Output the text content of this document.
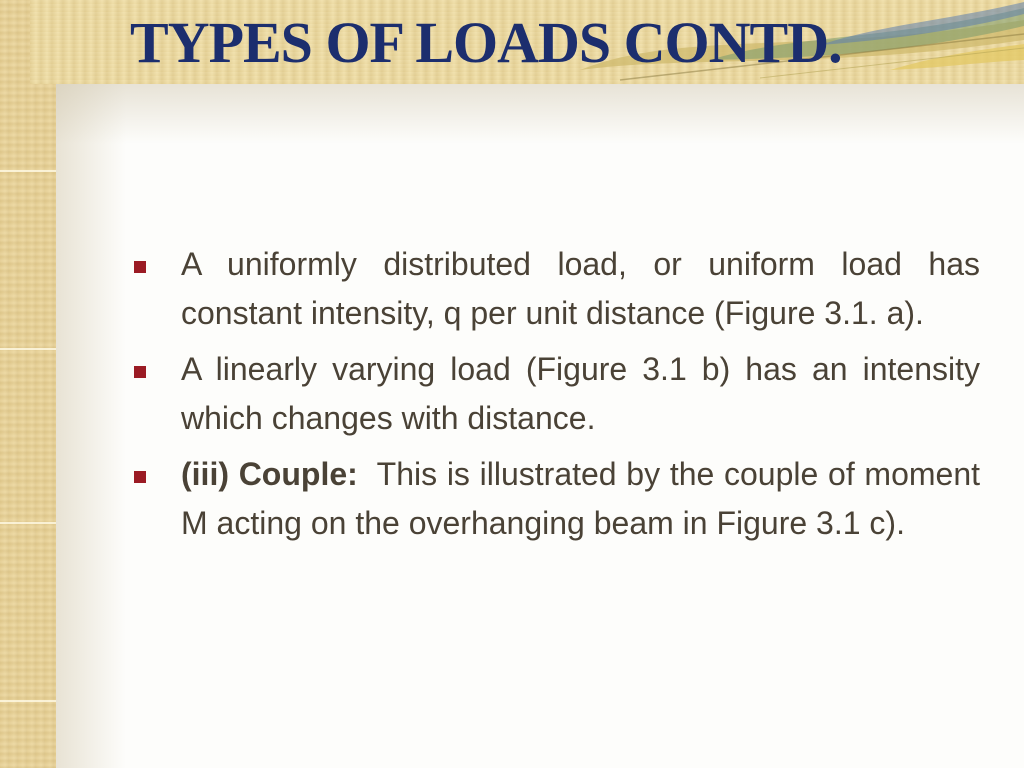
TYPES OF LOADS CONTD.
A uniformly distributed load, or uniform load has constant intensity, q per unit distance (Figure 3.1. a).
A linearly varying load (Figure 3.1 b) has an intensity which changes with distance.
(iii) Couple: This is illustrated by the couple of moment M acting on the overhanging beam in Figure 3.1 c).
